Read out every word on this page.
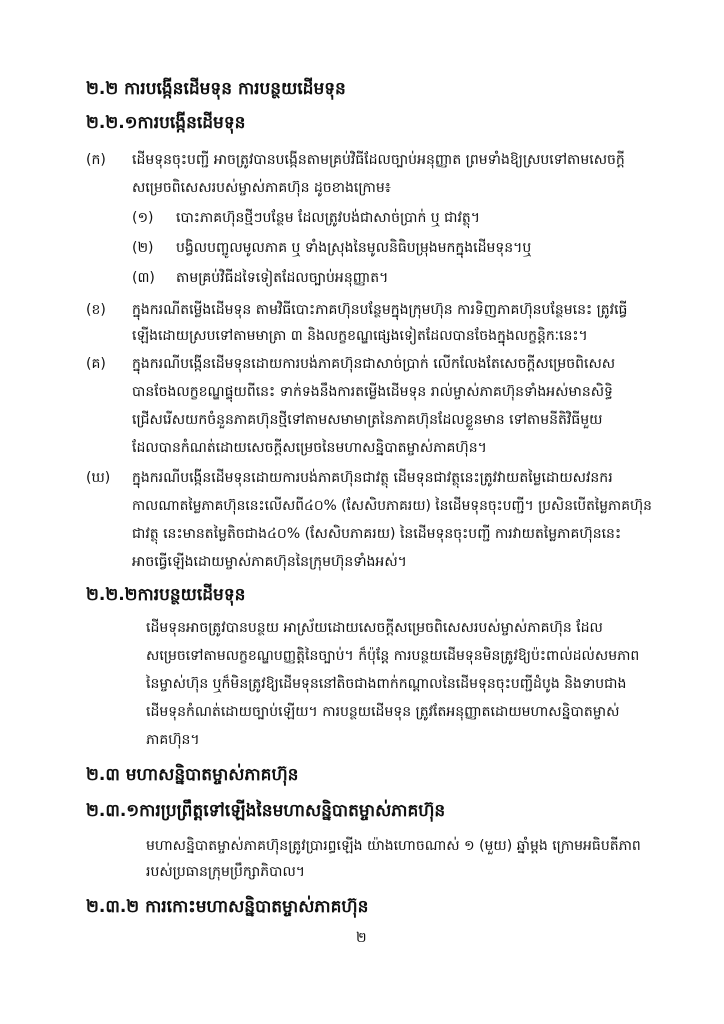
២.២ ការបង្កើនដើមទុន ការបន្ថយដើមទុន
២.២.១ការបង្កើនដើមទុន
(ក) ដើមទុនចុះបញ្ជី អាចត្រូវបានបង្កើនតាមគ្រប់វិធីដែលច្បាប់អនុញ្ញាត ព្រមទាំងឱ្យស្របទៅតាមសេចក្តី
សម្រេចពិសេសរបស់ម្ចាស់ភាគហ៊ុន ដូចខាងក្រោម៖
(១) បោះភាគហ៊ុនថ្មីៗបន្ថែម ដែលត្រូវបង់ជាសាច់ប្រាក់ ឬ ជាវត្ថុ។
(២) បង្វិលបញ្ចូលមូលភាគ ឬ ទាំងស្រុងនៃមូលនិធិបម្រុងមកក្នុងដើមទុន។ឬ
(៣) តាមគ្រប់វិធីដទៃទៀតដែលច្បាប់អនុញ្ញាត។
(ខ) ក្នុងករណីតម្លើងដើមទុន តាមវិធីបោះភាគហ៊ុនបន្ថែមក្នុងក្រុមហ៊ុន ការទិញភាគហ៊ុនបន្ថែមនេះ ត្រូវធ្វើ
ឡើងដោយស្របទៅតាមមាត្រា ៣ និងលក្ខខណ្ឌផ្សេងទៀតដែលបានចែងក្នុងលក្ខន្តិកៈនេះ។
(គ) ក្នុងករណីបង្កើនដើមទុនដោយការបង់ភាគហ៊ុនជាសាច់ប្រាក់ លើកលែងតែសេចក្តីសម្រេចពិសេស
បានចែងលក្ខខណ្ឌផ្ទុយពីនេះ ទាក់ទងនឹងការតម្លើងដើមទុន រាល់ម្ចាស់ភាគហ៊ុនទាំងអស់មានសិទ្ធិ
ជ្រើសរើសយកចំនួនភាគហ៊ុនថ្មីទៅតាមសមាមាត្រនៃភាគហ៊ុនដែលខ្លួនមាន ទៅតាមនីតិវិធីមួយ
ដែលបានកំណត់ដោយសេចក្តីសម្រេចនៃមហាសន្និបាតម្ចាស់ភាគហ៊ុន។
(ឃ) ក្នុងករណីបង្កើនដើមទុនដោយការបង់ភាគហ៊ុនជាវត្ថុ ដើមទុនជាវត្ថុនេះត្រូវវាយតម្លៃដោយសវនករ
កាលណាតម្លៃភាគហ៊ុននេះលើសពី៤០% (សែសិបភាគរយ) នៃដើមទុនចុះបញ្ជី។ ប្រសិនបើតម្លៃភាគហ៊ុន
ជាវត្ថុ នេះមានតម្លៃតិចជាង៤០% (សែសិបភាគរយ) នៃដើមទុនចុះបញ្ជី ការវាយតម្លៃភាគហ៊ុននេះ
អាចធ្វើឡើងដោយម្ចាស់ភាគហ៊ុននៃក្រុមហ៊ុនទាំងអស់។
២.២.២ការបន្ថយដើមទុន
ដើមទុនអាចត្រូវបានបន្ថយ អាស្រ័យដោយសេចក្តីសម្រេចពិសេសរបស់ម្ចាស់ភាគហ៊ុន ដែល
សម្រេចទៅតាមលក្ខខណ្ឌបញ្ញត្តិនៃច្បាប់។ ក៏ប៉ុន្តែ ការបន្ថយដើមទុនមិនត្រូវឱ្យប៉ះពាល់ដល់សមភាព
នៃម្ចាស់ហ៊ុន ឬក៏មិនត្រូវឱ្យដើមទុននៅតិចជាងពាក់កណ្តាលនៃដើមទុនចុះបញ្ជីដំបូង និងទាបជាង
ដើមទុនកំណត់ដោយច្បាប់ឡើយ។ ការបន្ថយដើមទុន ត្រូវតែអនុញ្ញាតដោយមហាសន្និបាតម្ចាស់
ភាគហ៊ុន។
២.៣ មហាសន្និបាតម្ចាស់ភាគហ៊ុន
២.៣.១ការប្រព្រឹត្តទៅឡើងនៃមហាសន្និបាតម្ចាស់ភាគហ៊ុន
មហាសន្និបាតម្ចាស់ភាគហ៊ុនត្រូវប្រារព្ធឡើង យ៉ាងហោចណាស់ ១ (មួយ) ឆ្នាំម្តង ក្រោមអធិបតីភាព
របស់ប្រធានក្រុមប្រឹក្សាភិបាល។
២.៣.២ ការកោះមហាសន្និបាតម្ចាស់ភាគហ៊ុន
២
